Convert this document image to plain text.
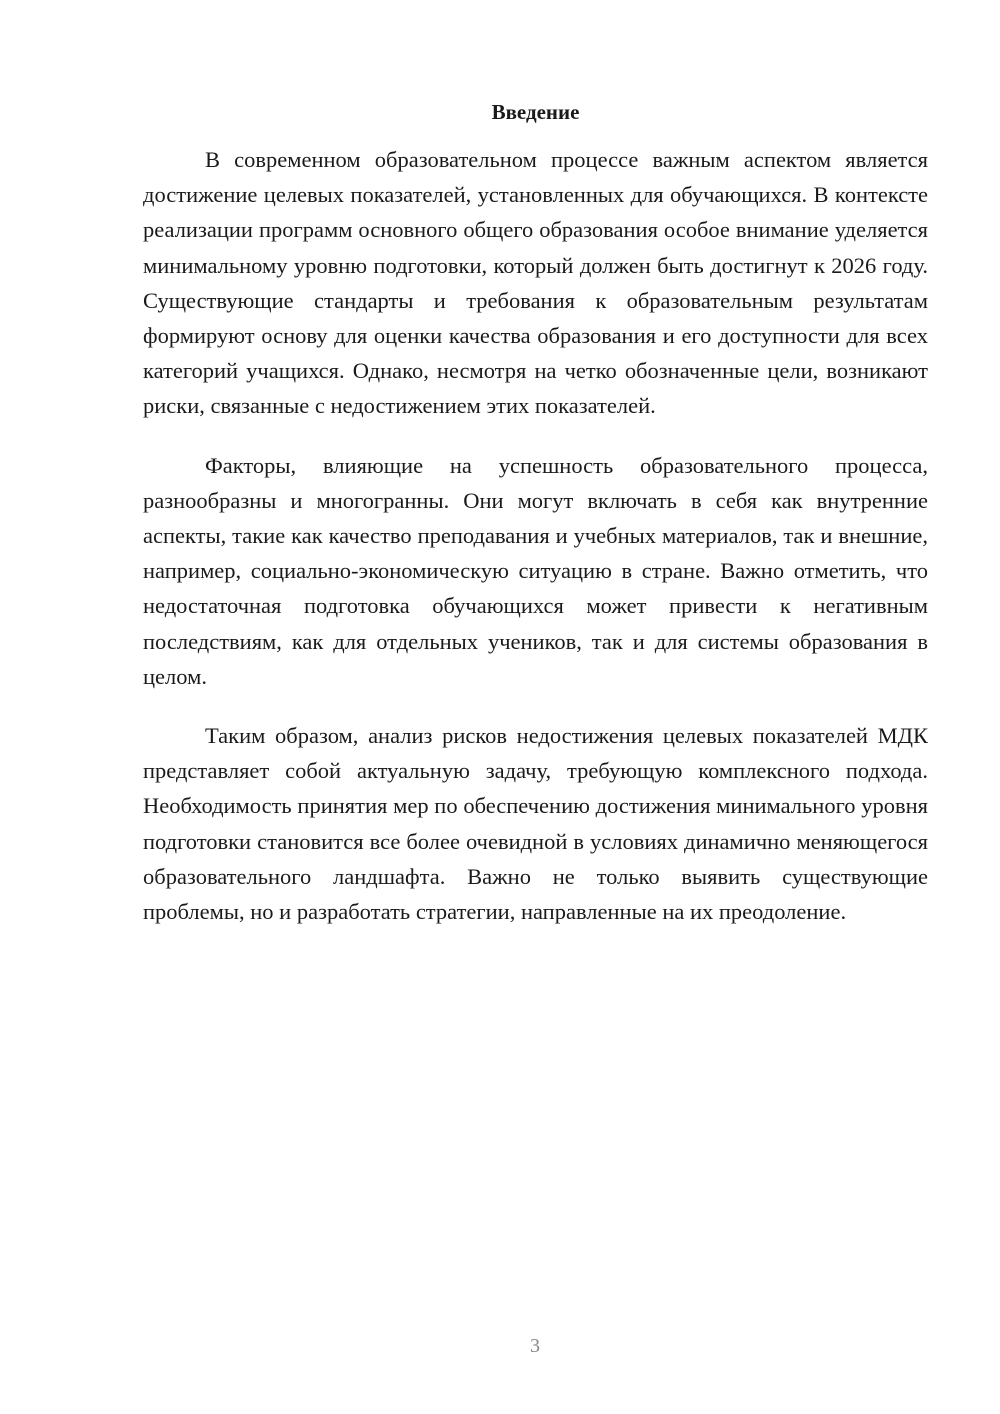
Введение

В современном образовательном процессе важным аспектом является достижение целевых показателей, установленных для обучающихся. В контексте реализации программ основного общего образования особое внимание уделяется минимальному уровню подготовки, который должен быть достигнут к 2026 году. Существующие стандарты и требования к образовательным результатам формируют основу для оценки качества образования и его доступности для всех категорий учащихся. Однако, несмотря на четко обозначенные цели, возникают риски, связанные с недостижением этих показателей.

Факторы, влияющие на успешность образовательного процесса, разнообразны и многогранны. Они могут включать в себя как внутренние аспекты, такие как качество преподавания и учебных материалов, так и внешние, например, социально-экономическую ситуацию в стране. Важно отметить, что недостаточная подготовка обучающихся может привести к негативным последствиям, как для отдельных учеников, так и для системы образования в целом.

Таким образом, анализ рисков недостижения целевых показателей МДК представляет собой актуальную задачу, требующую комплексного подхода. Необходимость принятия мер по обеспечению достижения минимального уровня подготовки становится все более очевидной в условиях динамично меняющегося образовательного ландшафта. Важно не только выявить существующие проблемы, но и разработать стратегии, направленные на их преодоление.

3
